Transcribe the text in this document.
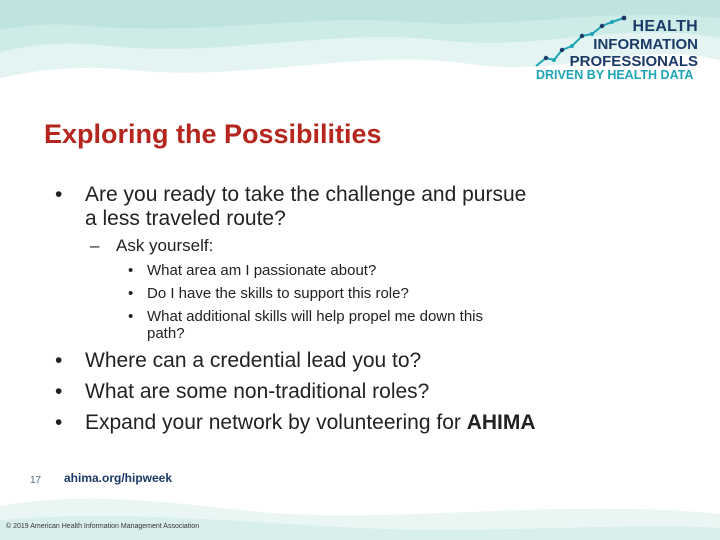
HEALTH
INFORMATION
PROFESSIONALS
DRIVEN BY HEALTH DATA
Exploring the Possibilities
• Are you ready to take the challenge and pursue
a less traveled route?
– Ask yourself:
• What area am I passionate about?
• Do I have the skills to support this role?
• What additional skills will help propel me down this
path?
• Where can a credential lead you to?
• What are some non-traditional roles?
• Expand your network by volunteering for AHIMA
17 ahima.org/hipweek
© 2019 American Health Information Management Association
